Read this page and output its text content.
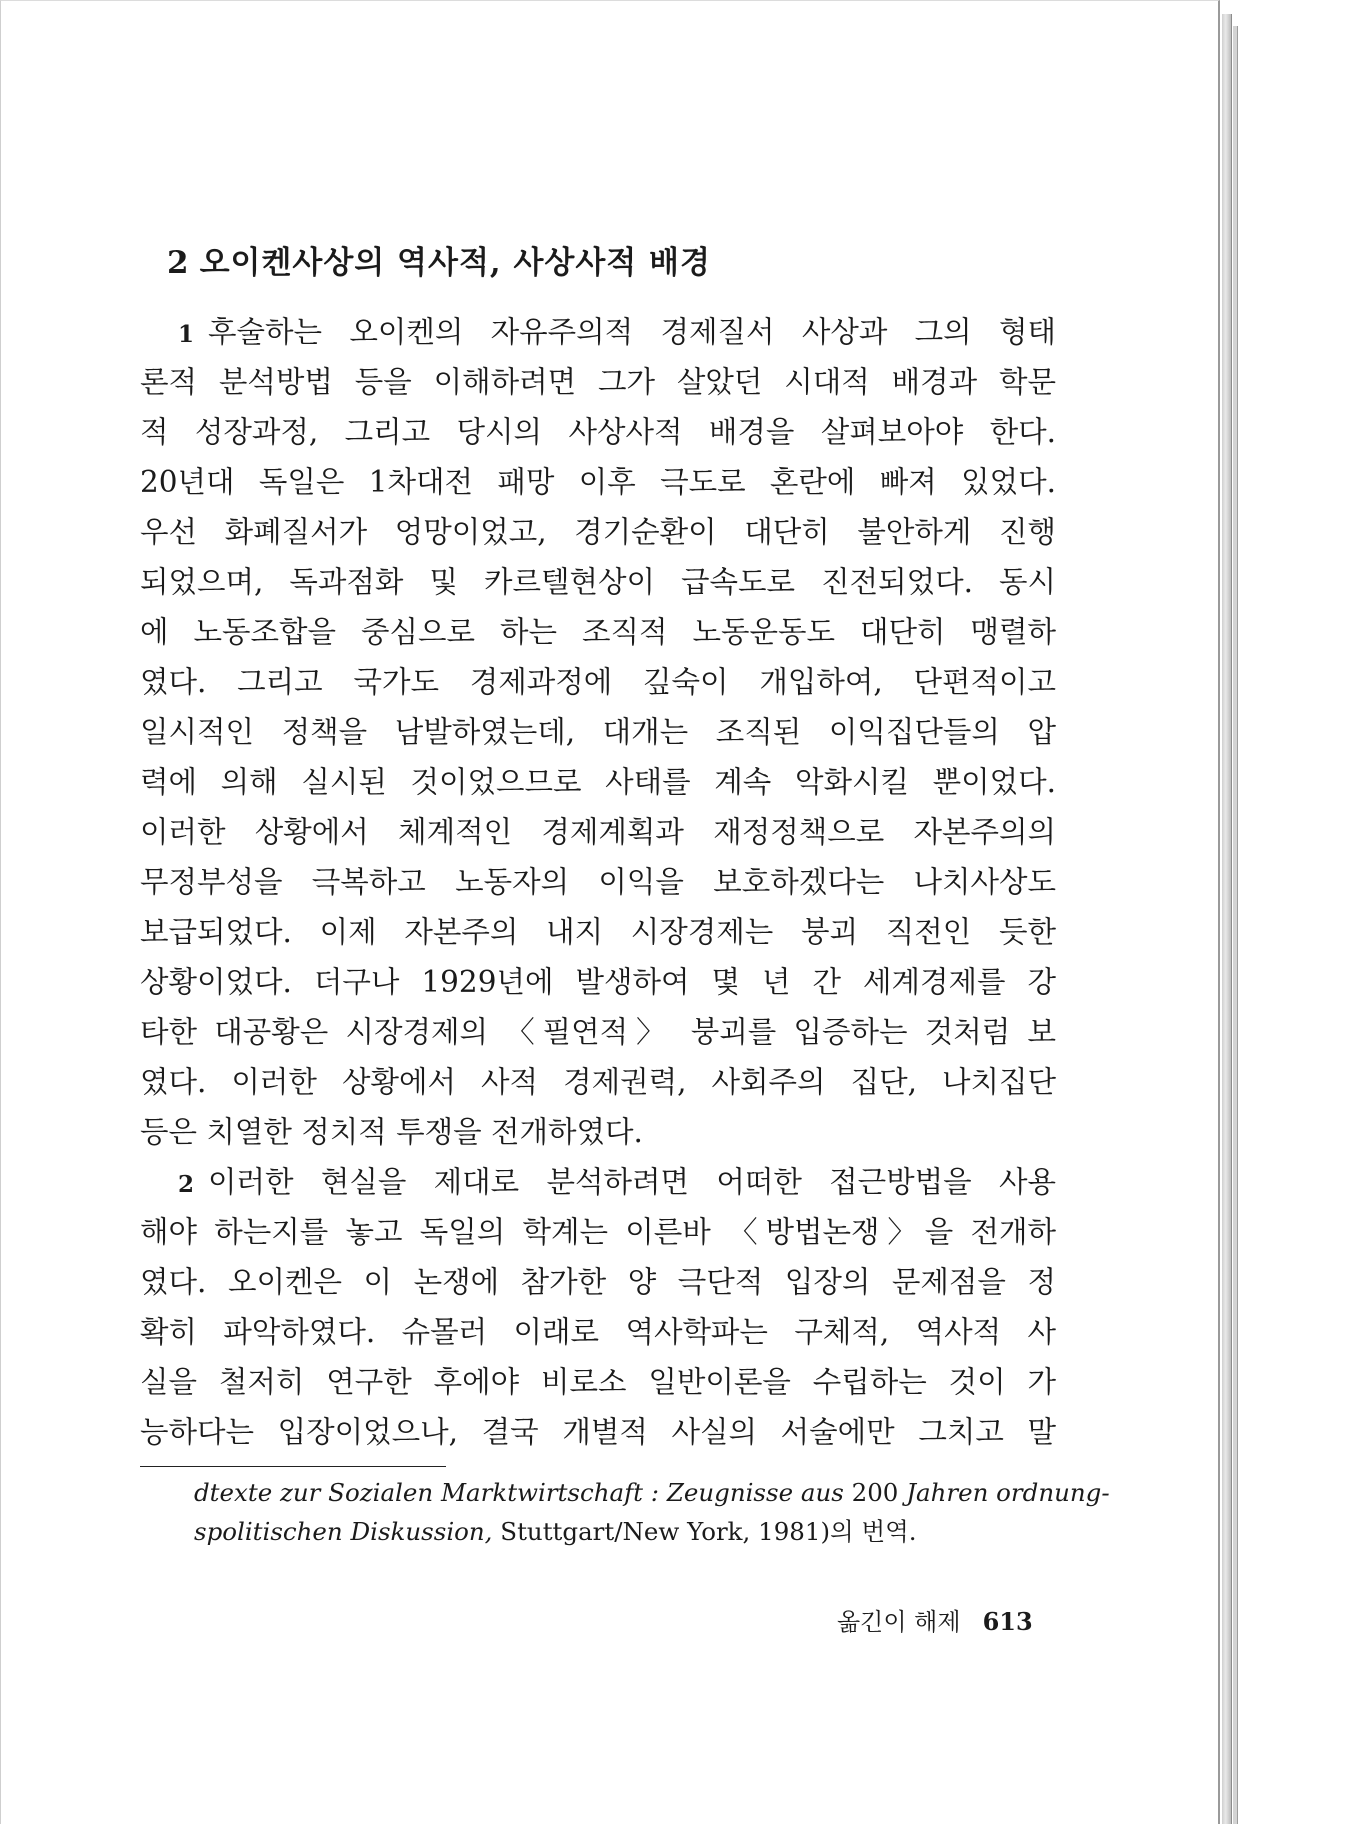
2 오이켄사상의 역사적, 사상사적 배경
1 후술하는 오이켄의 자유주의적 경제질서 사상과 그의 형태
론적 분석방법 등을 이해하려면 그가 살았던 시대적 배경과 학문
적 성장과정, 그리고 당시의 사상사적 배경을 살펴보아야 한다.
20년대 독일은 1차대전 패망 이후 극도로 혼란에 빠져 있었다.
우선 화폐질서가 엉망이었고, 경기순환이 대단히 불안하게 진행
되었으며, 독과점화 및 카르텔현상이 급속도로 진전되었다. 동시
에 노동조합을 중심으로 하는 조직적 노동운동도 대단히 맹렬하
였다. 그리고 국가도 경제과정에 깊숙이 개입하여, 단편적이고
일시적인 정책을 남발하였는데, 대개는 조직된 이익집단들의 압
력에 의해 실시된 것이었으므로 사태를 계속 악화시킬 뿐이었다.
이러한 상황에서 체계적인 경제계획과 재정정책으로 자본주의의
무정부성을 극복하고 노동자의 이익을 보호하겠다는 나치사상도
보급되었다. 이제 자본주의 내지 시장경제는 붕괴 직전인 듯한
상황이었다. 더구나 1929년에 발생하여 몇 년 간 세계경제를 강
타한 대공황은 시장경제의 〈필연적〉 붕괴를 입증하는 것처럼 보
였다. 이러한 상황에서 사적 경제권력, 사회주의 집단, 나치집단
등은 치열한 정치적 투쟁을 전개하였다.
2 이러한 현실을 제대로 분석하려면 어떠한 접근방법을 사용
해야 하는지를 놓고 독일의 학계는 이른바 〈방법논쟁〉을 전개하
였다. 오이켄은 이 논쟁에 참가한 양 극단적 입장의 문제점을 정
확히 파악하였다. 슈몰러 이래로 역사학파는 구체적, 역사적 사
실을 철저히 연구한 후에야 비로소 일반이론을 수립하는 것이 가
능하다는 입장이었으나, 결국 개별적 사실의 서술에만 그치고 말
dtexte zur Sozialen Marktwirtschaft : Zeugnisse aus 200 Jahren ordnung-
spolitischen Diskussion, Stuttgart/New York, 1981)의 번역.
옮긴이 해제 613
